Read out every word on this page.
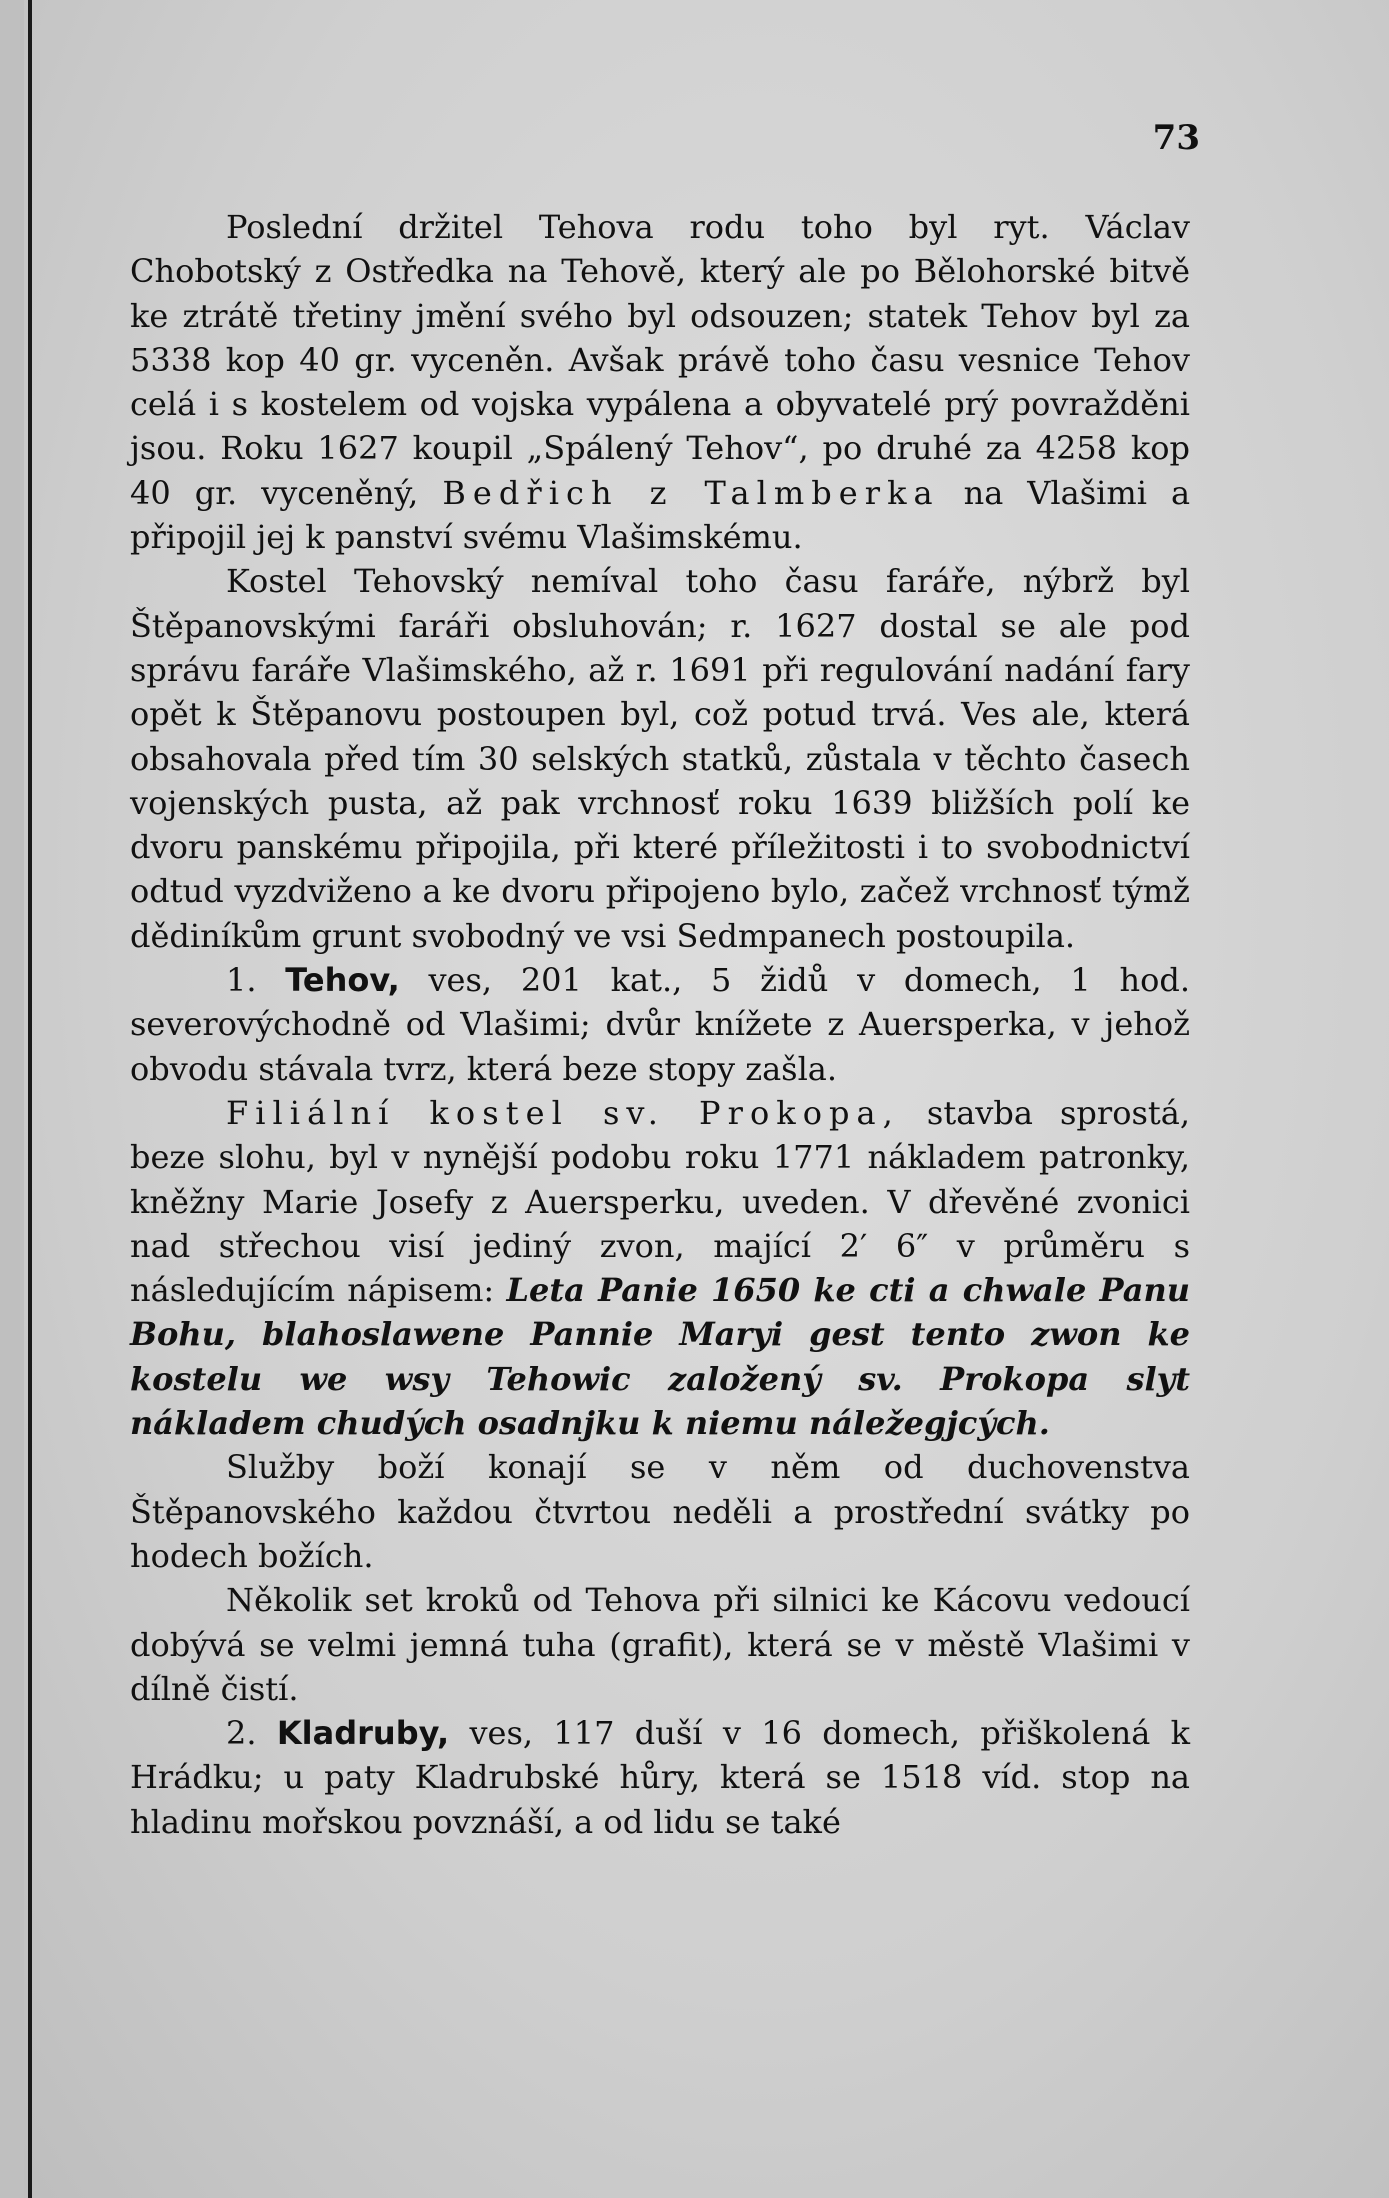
73

Poslední držitel Tehova rodu toho byl ryt. Václav Chobotský z Ostředka na Tehově, který ale po Bělohorské bitvě ke ztrátě třetiny jmění svého byl odsouzen; statek Tehov byl za 5338 kop 40 gr. vyceněn. Avšak právě toho času vesnice Tehov celá i s kostelem od vojska vypálena a obyvatelé prý povražděni jsou. Roku 1627 koupil „Spálený Tehov“, po druhé za 4258 kop 40 gr. vyceněný, Bedřich z Talmberka na Vlašimi a připojil jej k panství svému Vlašimskému.

Kostel Tehovský nemíval toho času faráře, nýbrž byl Štěpanovskými faráři obsluhován; r. 1627 dostal se ale pod správu faráře Vlašimského, až r. 1691 při regulování nadání fary opět k Štěpanovu postoupen byl, což potud trvá. Ves ale, která obsahovala před tím 30 selských statků, zůstala v těchto časech vojenských pusta, až pak vrchnosť roku 1639 bližších polí ke dvoru panskému připojila, při které příležitosti i to svobodnictví odtud vyzdviženo a ke dvoru připojeno bylo, začež vrchnosť týmž dědiníkům grunt svobodný ve vsi Sedmpanech postoupila.

1. Tehov, ves, 201 kat., 5 židů v domech, 1 hod. severovýchodně od Vlašimi; dvůr knížete z Auersperka, v jehož obvodu stávala tvrz, která beze stopy zašla.

Filiální kostel sv. Prokopa, stavba sprostá, beze slohu, byl v nynější podobu roku 1771 nákladem patronky, kněžny Marie Josefy z Auersperku, uveden. V dřevěné zvonici nad střechou visí jediný zvon, mající 2′ 6″ v průměru s následujícím nápisem: Leta Panie 1650 ke cti a chwale Panu Bohu, blahoslawene Pannie Maryi gest tento zwon ke kostelu we wsy Tehowic založený sv. Prokopa slyt nákladem chudých osadnjku k niemu náležegjcých.

Služby boží konají se v něm od duchovenstva Štěpanovského každou čtvrtou neděli a prostřední svátky po hodech božích.

Několik set kroků od Tehova při silnici ke Kácovu vedoucí dobývá se velmi jemná tuha (grafit), která se v městě Vlašimi v dílně čistí.

2. Kladruby, ves, 117 duší v 16 domech, přiškolená k Hrádku; u paty Kladrubské hůry, která se 1518 víd. stop na hladinu mořskou povznáší, a od lidu se také
